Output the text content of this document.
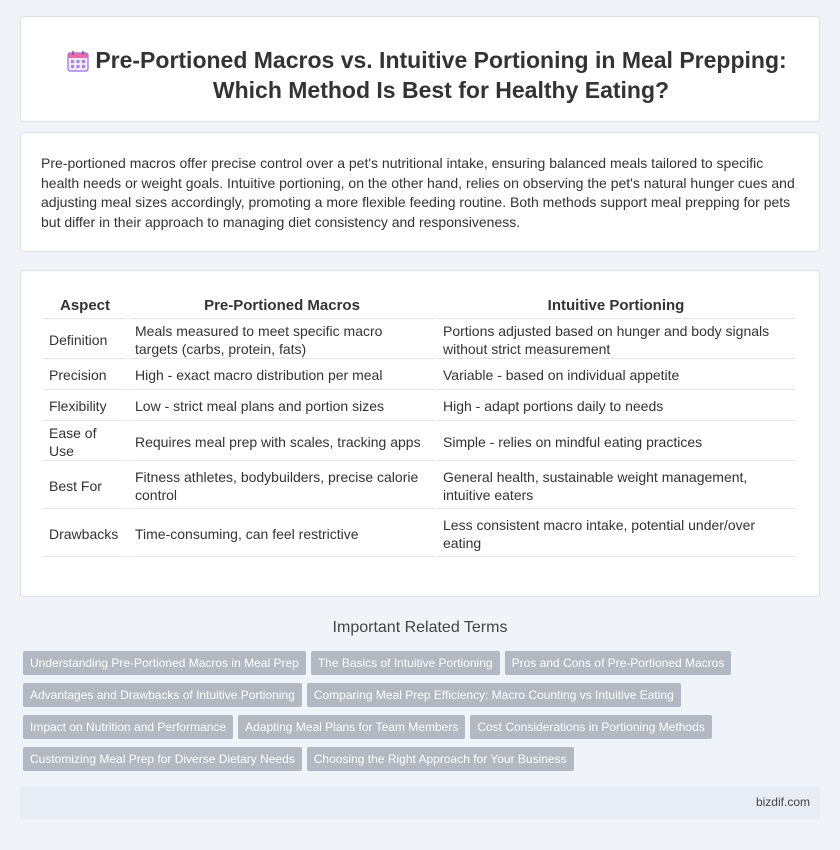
Pre-Portioned Macros vs. Intuitive Portioning in Meal Prepping: Which Method Is Best for Healthy Eating?

Pre-portioned macros offer precise control over a pet's nutritional intake, ensuring balanced meals tailored to specific health needs or weight goals. Intuitive portioning, on the other hand, relies on observing the pet's natural hunger cues and adjusting meal sizes accordingly, promoting a more flexible feeding routine. Both methods support meal prepping for pets but differ in their approach to managing diet consistency and responsiveness.

Aspect	Pre-Portioned Macros	Intuitive Portioning
Definition	Meals measured to meet specific macro targets (carbs, protein, fats)	Portions adjusted based on hunger and body signals without strict measurement
Precision	High - exact macro distribution per meal	Variable - based on individual appetite
Flexibility	Low - strict meal plans and portion sizes	High - adapt portions daily to needs
Ease of Use	Requires meal prep with scales, tracking apps	Simple - relies on mindful eating practices
Best For	Fitness athletes, bodybuilders, precise calorie control	General health, sustainable weight management, intuitive eaters
Drawbacks	Time-consuming, can feel restrictive	Less consistent macro intake, potential under/over eating
Important Related Terms
Understanding Pre-Portioned Macros in Meal Prep The Basics of Intuitive Portioning Pros and Cons of Pre-Portioned Macros
Advantages and Drawbacks of Intuitive Portioning Comparing Meal Prep Efficiency: Macro Counting vs Intuitive Eating
Impact on Nutrition and Performance Adapting Meal Plans for Team Members Cost Considerations in Portioning Methods
Customizing Meal Prep for Diverse Dietary Needs Choosing the Right Approach for Your Business
bizdif.com
